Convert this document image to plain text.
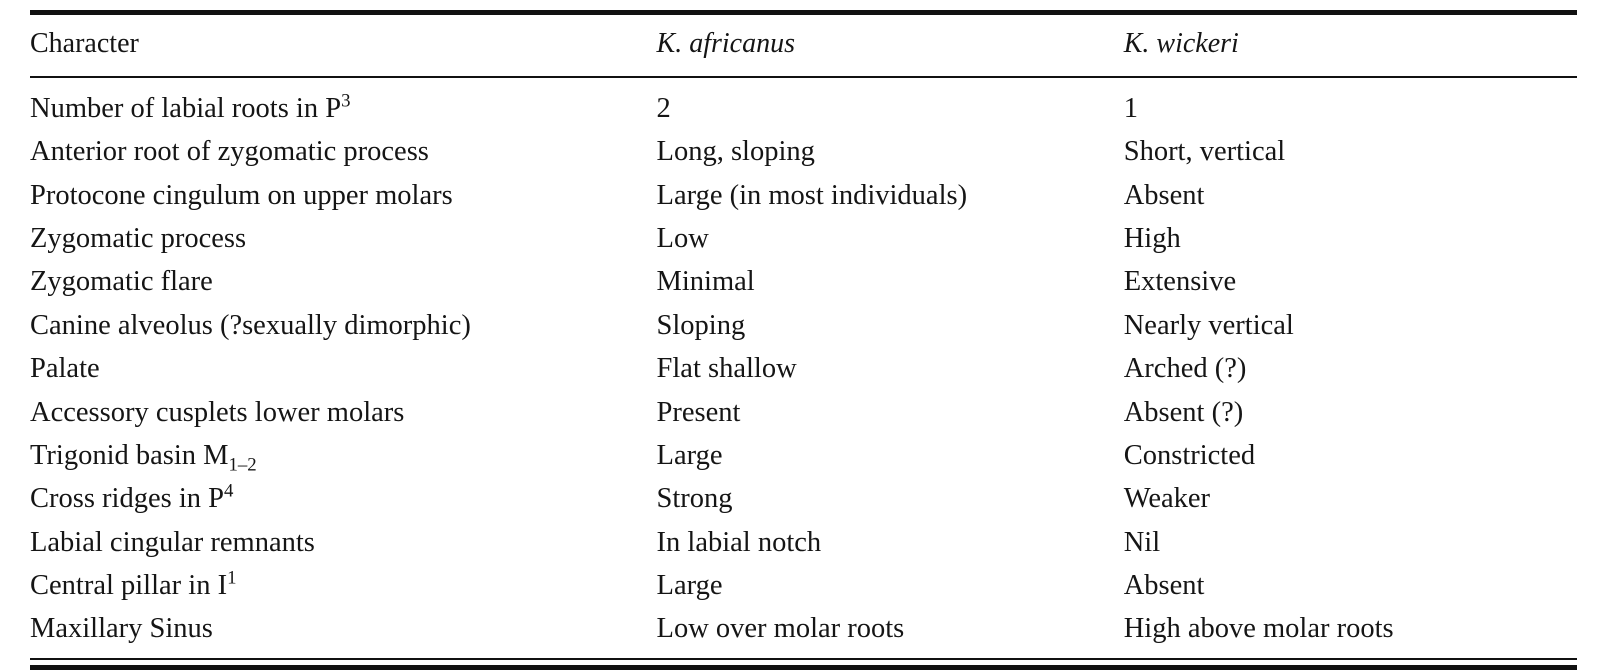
Character	K. africanus	K. wickeri
Number of labial roots in $P^3$	2	1
Anterior root of zygomatic process	Long, sloping	Short, vertical
Protocone cingulum on upper molars	Large (in most individuals)	Absent
Zygomatic process	Low	High
Zygomatic flare	Minimal	Extensive
Canine alveolus (?sexually dimorphic)	Sloping	Nearly vertical
Palate	Flat shallow	Arched (?)
Accessory cusplets lower molars	Present	Absent (?)
Trigonid basin $M_{1-2}$	Large	Constricted
Cross ridges in $P^4$	Strong	Weaker
Labial cingular remnants	In labial notch	Nil
Central pillar in $I^1$	Large	Absent
Maxillary Sinus	Low over molar roots	High above molar roots
